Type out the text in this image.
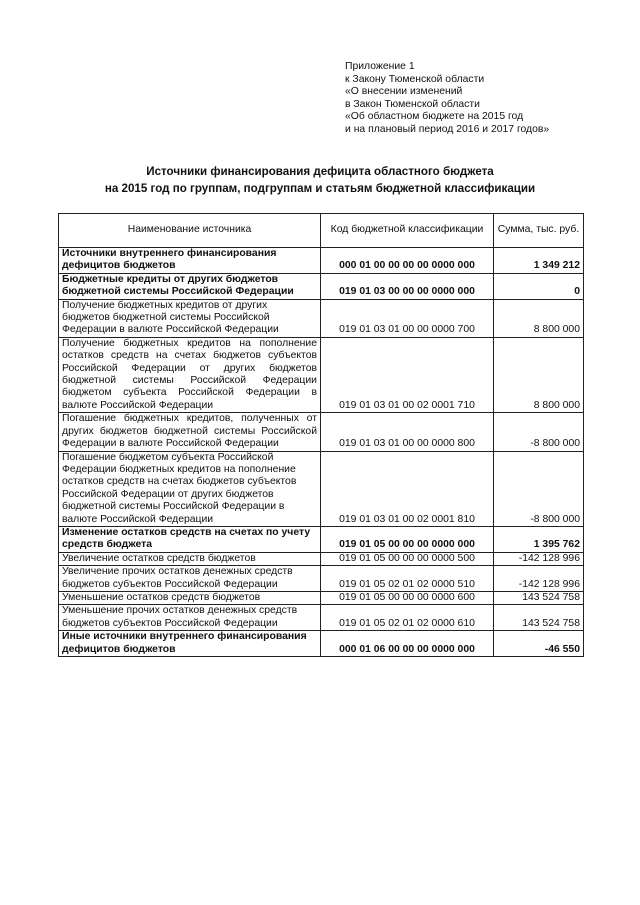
Приложение 1
к Закону Тюменской области
«О внесении изменений
в Закон Тюменской области
«Об областном бюджете на 2015 год
и на плановый период 2016 и 2017 годов»
Источники финансирования дефицита областного бюджета
на 2015 год по группам, подгруппам и статьям бюджетной классификации
Наименование источника	Код бюджетной классификации	Сумма, тыс. руб.
Источники внутреннего финансирования дефицитов бюджетов	000 01 00 00 00 00 0000 000	1 349 212
Бюджетные кредиты от других бюджетов бюджетной системы Российской Федерации	019 01 03 00 00 00 0000 000	0
Получение бюджетных кредитов от других бюджетов бюджетной системы Российской Федерации в валюте Российской Федерации	019 01 03 01 00 00 0000 700	8 800 000
Получение бюджетных кредитов на пополнение остатков средств на счетах бюджетов субъектов Российской Федерации от других бюджетов бюджетной системы Российской Федерации бюджетом субъекта Российской Федерации в валюте Российской Федерации	019 01 03 01 00 02 0001 710	8 800 000
Погашение бюджетных кредитов, полученных от других бюджетов бюджетной системы Российской Федерации в валюте Российской Федерации	019 01 03 01 00 00 0000 800	-8 800 000
Погашение бюджетом субъекта Российской Федерации бюджетных кредитов на пополнение остатков средств на счетах бюджетов субъектов Российской Федерации от других бюджетов бюджетной системы Российской Федерации в валюте Российской Федерации	019 01 03 01 00 02 0001 810	-8 800 000
Изменение остатков средств на счетах по учету средств бюджета	019 01 05 00 00 00 0000 000	1 395 762
Увеличение остатков средств бюджетов	019 01 05 00 00 00 0000 500	-142 128 996
Увеличение прочих остатков денежных средств бюджетов субъектов Российской Федерации	019 01 05 02 01 02 0000 510	-142 128 996
Уменьшение остатков средств бюджетов	019 01 05 00 00 00 0000 600	143 524 758
Уменьшение прочих остатков денежных средств бюджетов субъектов Российской Федерации	019 01 05 02 01 02 0000 610	143 524 758
Иные источники внутреннего финансирования дефицитов бюджетов	000 01 06 00 00 00 0000 000	-46 550
